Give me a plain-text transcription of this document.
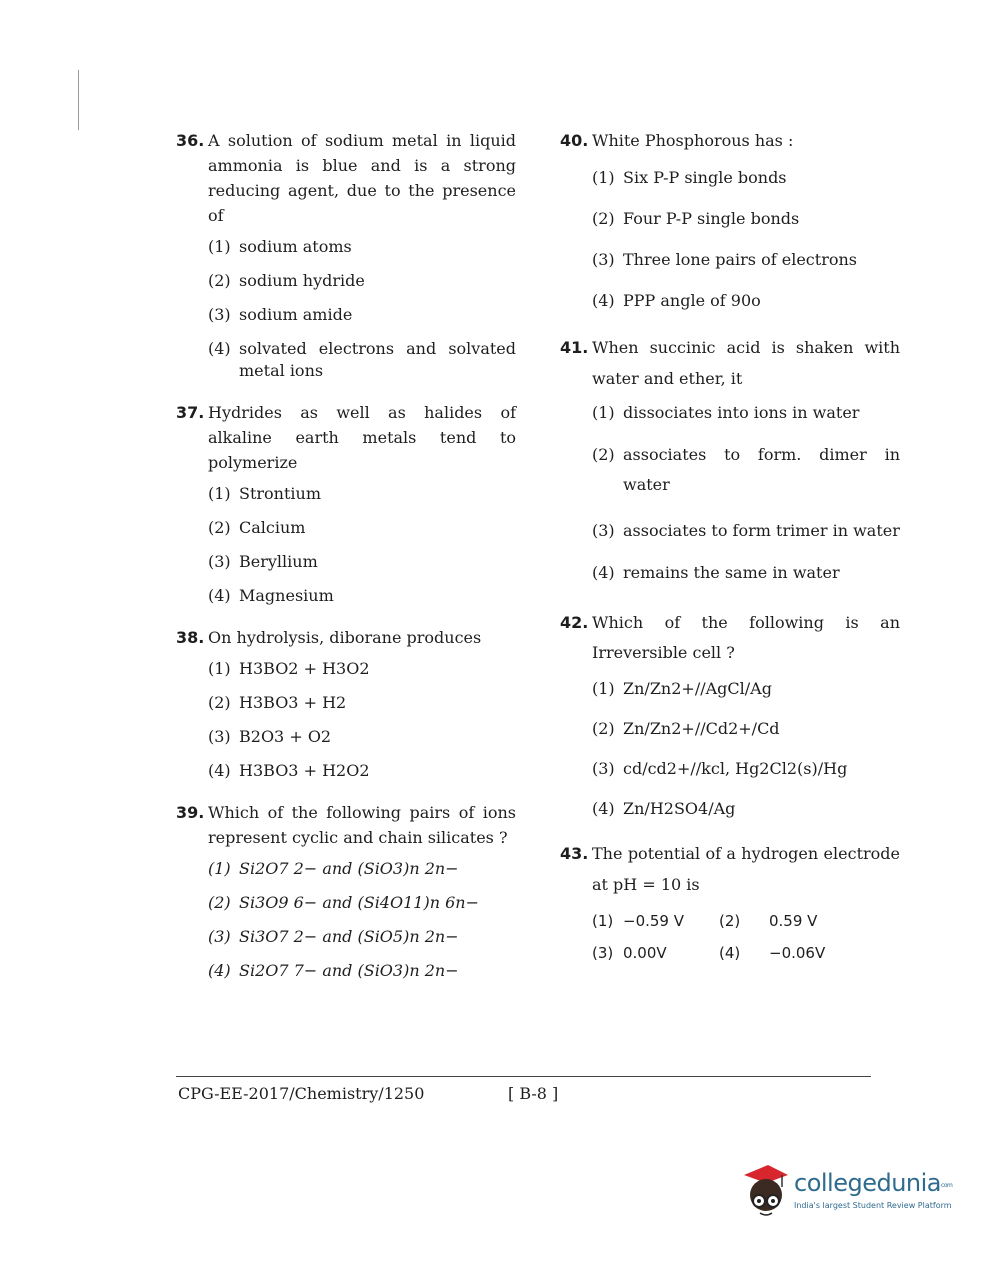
36. A solution of sodium metal in liquid ammonia is blue and is a strong reducing agent, due to the presence of
(1) sodium atoms
(2) sodium hydride
(3) sodium amide
(4) solvated electrons and solvated metal ions
37. Hydrides as well as halides of alkaline earth metals tend to polymerize
(1) Strontium
(2) Calcium
(3) Beryllium
(4) Magnesium
38. On hydrolysis, diborane produces
(1) H3BO2 + H3O2
(2) H3BO3 + H2
(3) B2O3 + O2
(4) H3BO3 + H2O2
39. Which of the following pairs of ions represent cyclic and chain silicates ?
(1) Si2O7 2− and (SiO3)n 2n−
(2) Si3O9 6− and (Si4O11)n 6n−
(3) Si3O7 2− and (SiO5)n 2n−
(4) Si2O7 7− and (SiO3)n 2n−
40. White Phosphorous has :
(1) Six P-P single bonds
(2) Four P-P single bonds
(3) Three lone pairs of electrons
(4) PPP angle of 90o
41. When succinic acid is shaken with water and ether, it
(1) dissociates into ions in water
(2) associates to form. dimer in water
(3) associates to form trimer in water
(4) remains the same in water
42. Which of the following is an Irreversible cell ?
(1) Zn/Zn2+//AgCl/Ag
(2) Zn/Zn2+//Cd2+/Cd
(3) cd/cd2+//kcl, Hg2Cl2(s)/Hg
(4) Zn/H2SO4/Ag
43. The potential of a hydrogen electrode at pH = 10 is
(1) −0.59 V	(2)	0.59 V
(3) 0.00V	(4)	−0.06V
CPG-EE-2017/Chemistry/1250	[ B-8 ]
collegeduniacom
India's largest Student Review Platform
